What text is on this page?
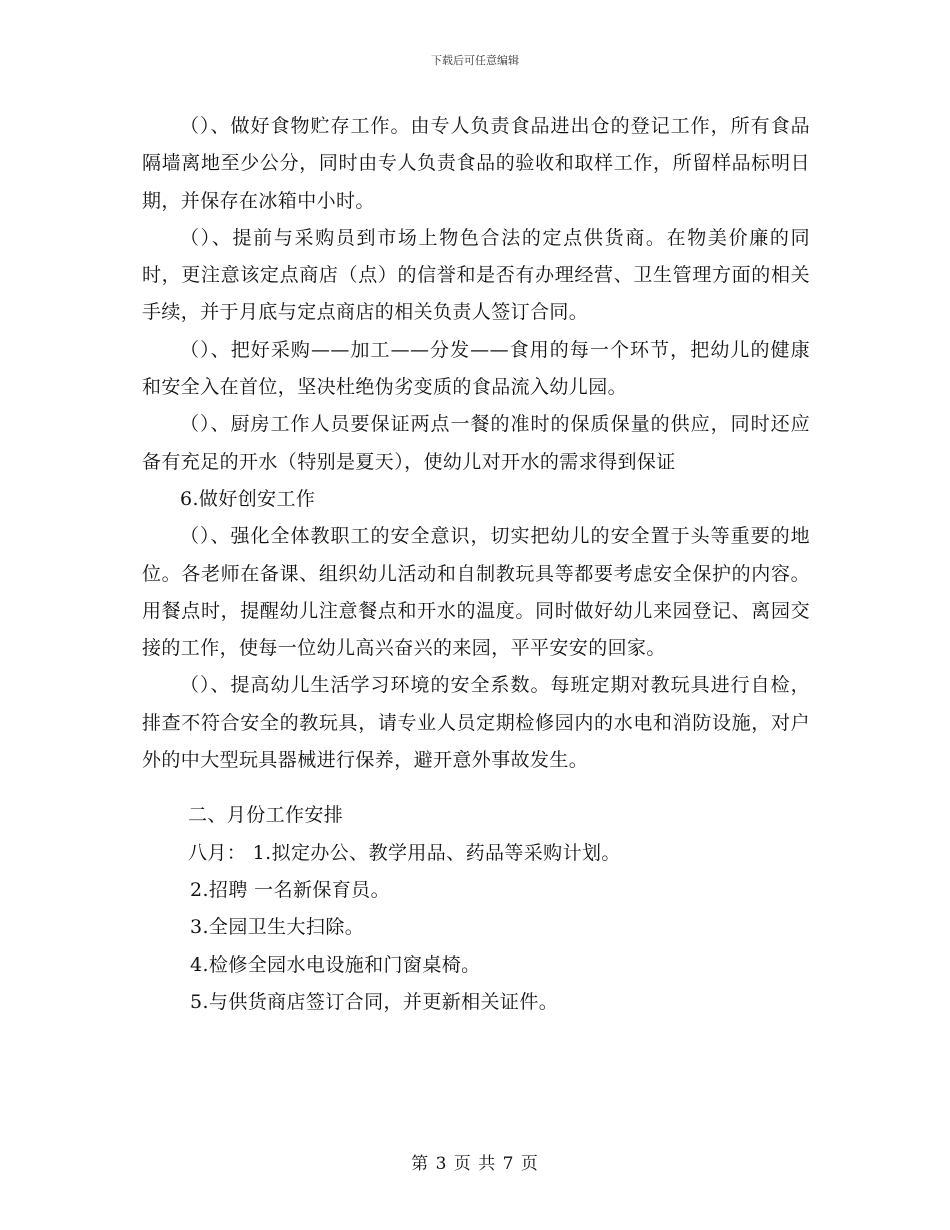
下载后可任意编辑

（）、做好食物贮存工作。由专人负责食品进出仓的登记工作，所有食品隔墙离地至少公分，同时由专人负责食品的验收和取样工作，所留样品标明日期，并保存在冰箱中小时。

（）、提前与采购员到市场上物色合法的定点供货商。在物美价廉的同时，更注意该定点商店（点）的信誉和是否有办理经营、卫生管理方面的相关手续，并于月底与定点商店的相关负责人签订合同。

（）、把好采购——加工——分发——食用的每一个环节，把幼儿的健康和安全入在首位，坚决杜绝伪劣变质的食品流入幼儿园。

（）、厨房工作人员要保证两点一餐的准时的保质保量的供应，同时还应备有充足的开水（特别是夏天），使幼儿对开水的需求得到保证

6.做好创安工作

（）、强化全体教职工的安全意识，切实把幼儿的安全置于头等重要的地位。各老师在备课、组织幼儿活动和自制教玩具等都要考虑安全保护的内容。用餐点时，提醒幼儿注意餐点和开水的温度。同时做好幼儿来园登记、离园交接的工作，使每一位幼儿高兴奋兴的来园，平平安安的回家。

（）、提高幼儿生活学习环境的安全系数。每班定期对教玩具进行自检，排查不符合安全的教玩具，请专业人员定期检修园内的水电和消防设施，对户外的中大型玩具器械进行保养，避开意外事故发生。

二、月份工作安排

八月： 1.拟定办公、教学用品、药品等采购计划。

2.招聘 一名新保育员。

3.全园卫生大扫除。

4.检修全园水电设施和门窗桌椅。

5.与供货商店签订合同，并更新相关证件。

第 3 页 共 7 页
